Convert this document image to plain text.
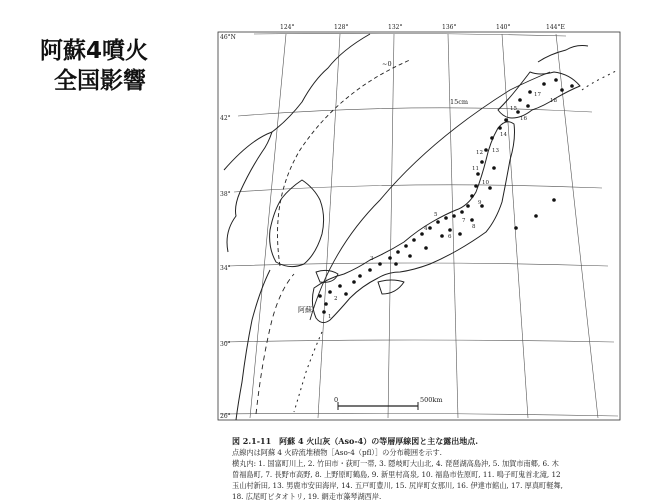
阿蘇4噴火
全国影響
0	500km
124°	128°	132°	136°	140°	144°E
46°N
42°
38°
34°
30°
26°
~0
15cm
阿蘇
1
2
3
4
5
6
7
8
9
10
11
12 13
14
15
16
17
18
図 2.1-11　阿蘇 4 火山灰（Aso-4）の等層厚線図と主な露出地点.
点線内は阿蘇 4 火砕流堆積物［Aso-4（pfl）］の分布範囲を示す.
横丸内: 1. 国富町川上, 2. 竹田市・荻町一帯, 3. 隠岐町大山北, 4. 琵琶湖高島沖, 5. 加賀市南郷, 6. 木
曽福島町, 7. 長野市高野, 8. 上野原町鶴島, 9. 新里村高泉, 10. 福島市佐原町, 11. 鳴子町鬼首北滝, 12
玉山村新田, 13. 男鹿市安田海岸, 14. 五戸町豊川, 15. 尻岸町女那川, 16. 伊達市館山, 17. 厚真町軽舞,
18. 広尾町ビタオトリ, 19. 網走市藻琴湖西岸.
